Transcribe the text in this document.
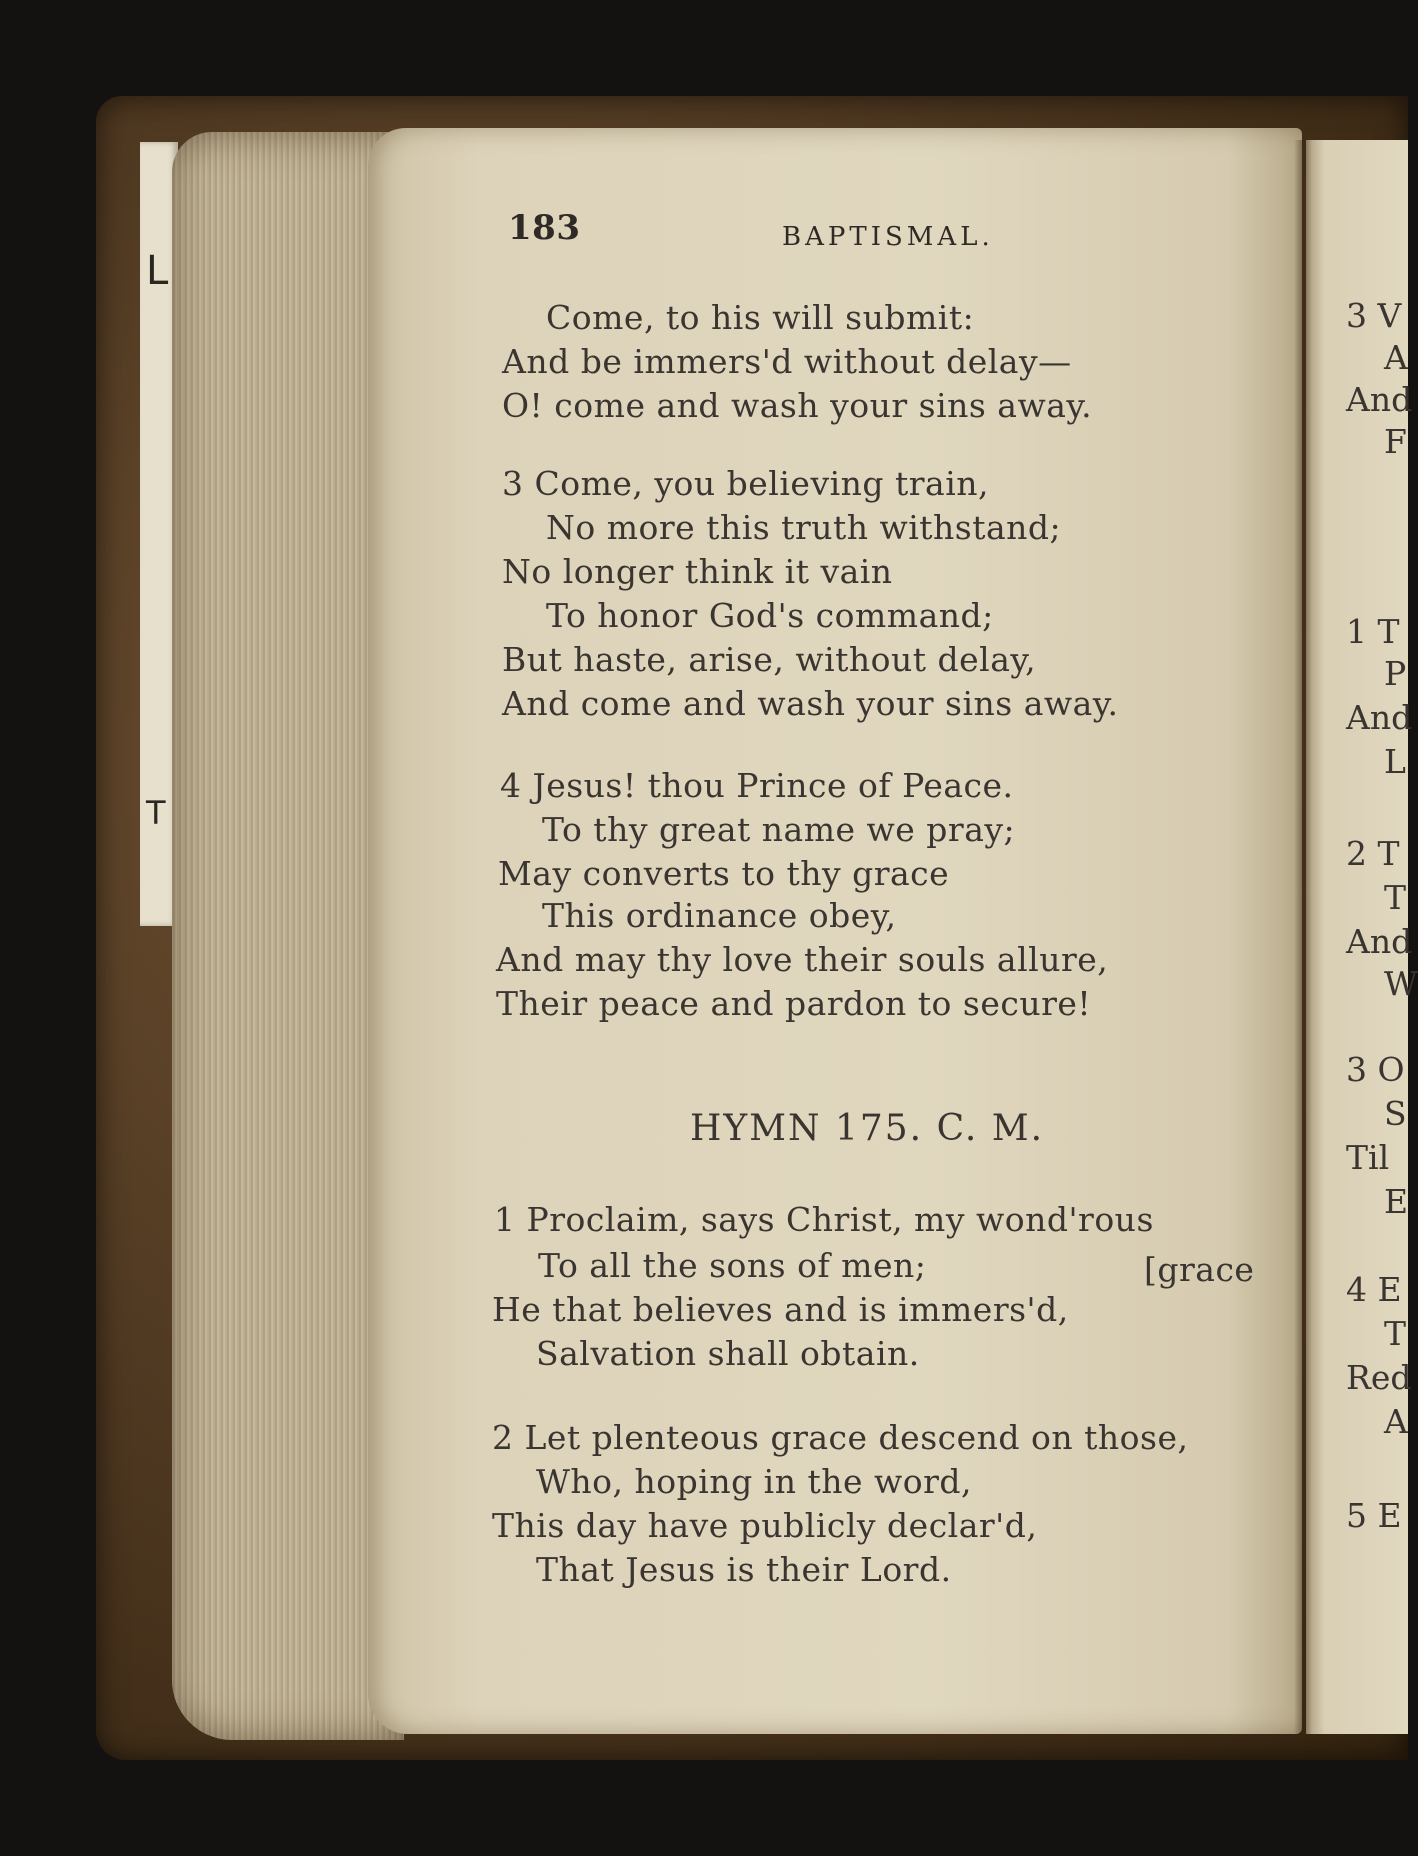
L
T
183	BAPTISMAL.
Come, to his will submit:
And be immers'd without delay—
O! come and wash your sins away.
3 Come, you believing train,
No more this truth withstand;
No longer think it vain
To honor God's command;
But haste, arise, without delay,
And come and wash your sins away.
4 Jesus! thou Prince of Peace.
To thy great name we pray;
May converts to thy grace
This ordinance obey,
And may thy love their souls allure,
Their peace and pardon to secure!
HYMN 175. C. M.
1 Proclaim, says Christ, my wond'rous
To all the sons of men;	[grace
He that believes and is immers'd,
Salvation shall obtain.
2 Let plenteous grace descend on those,
Who, hoping in the word,
This day have publicly declar'd,
That Jesus is their Lord.
3 V
A
And
F
1 T
P
And
L
2 T
T
And
W
3 O
S
Til
E
4 E
T
Red
A
5 E
